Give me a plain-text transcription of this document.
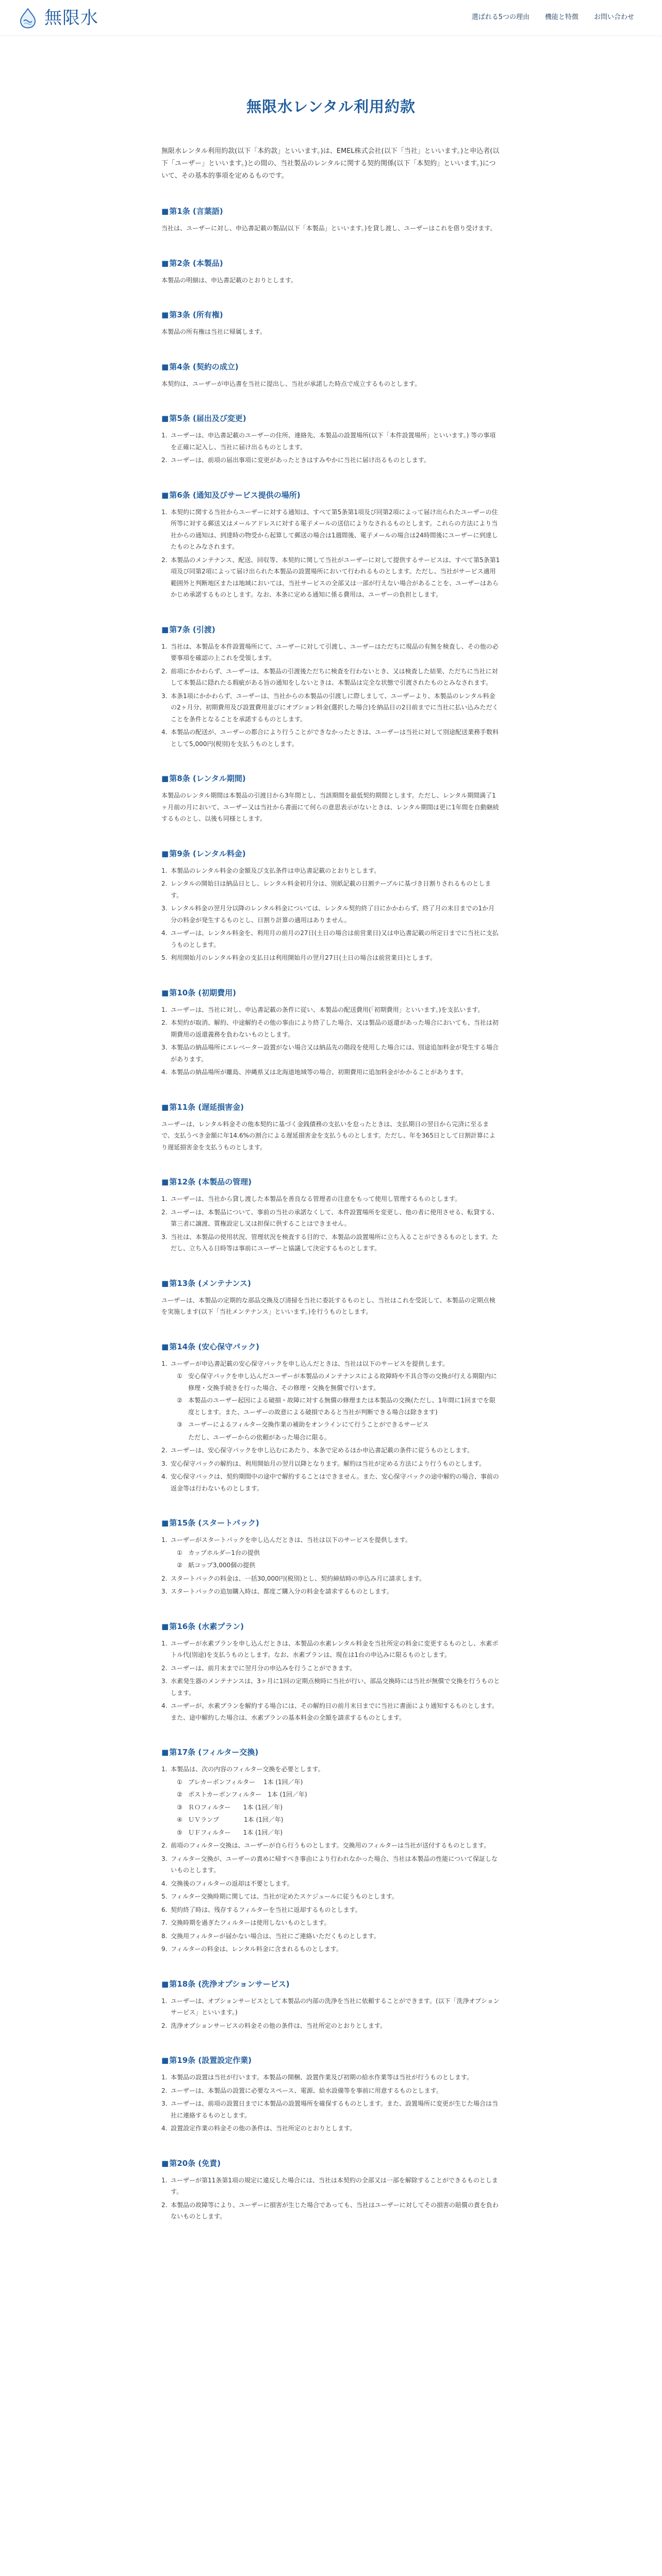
無限水	選ばれる5つの理由 機能と特徴 お問い合わせ
無限水レンタル利用約款

無限水レンタル利用約款(以下「本約款」といいます。)は、EMEL株式会社(以下「当社」といいます。)と申込者(以下「ユーザー」といいます。)との間の、当社製品のレンタルに関する契約関係(以下「本契約」といいます。)について、その基本的事項を定めるものです。

■ 第1条 (言葉語)

当社は、ユーザーに対し、申込書記載の製品(以下「本製品」といいます。)を貸し渡し、ユーザーはこれを借り受けます。

■ 第2条 (本製品)

本製品の明細は、申込書記載のとおりとします。

■ 第3条 (所有権)

本製品の所有権は当社に帰属します。

■ 第4条 (契約の成立)

本契約は、ユーザーが申込書を当社に提出し、当社が承諾した時点で成立するものとします。

■ 第5条 (届出及び変更)
1. ユーザーは、申込書記載のユーザーの住所、連絡先、本製品の設置場所(以下「本件設置場所」といいます。) 等の事項を正確に記入し、当社に届け出るものとします。
2. ユーザーは、前項の届出事項に変更があったときはすみやかに当社に届け出るものとします。
■ 第6条 (通知及びサービス提供の場所)
1. 本契約に関する当社からユーザーに対する通知は、すべて第5条第1項及び同第2項によって届け出られたユーザーの住所等に対する郵送又はメールアドレスに対する電子メールの送信によりなされるものとします。これらの方法により当社からの通知は、到達時の物受から起算して郵送の場合は1週間後、電子メールの場合は24時間後にユーザーに到達したものとみなされます。
2. 本製品のメンテナンス、配送、回収等、本契約に関して当社がユーザーに対して提供するサービスは、すべて第5条第1項及び同第2項によって届け出られた本製品の設置場所において行われるものとします。ただし、当社がサービス適用範囲外と判断地区または地域においては、当社サービスの全部又は一部が行えない場合があることを、ユーザーはあらかじめ承諾するものとします。なお、本条に定める通知に係る費用は、ユーザーの負担とします。
■ 第7条 (引渡)
1. 当社は、本製品を本件設置場所にて、ユーザーに対して引渡し、ユーザーはただちに現品の有無を検査し、その他の必要事項を確認の上これを受領します。
2. 前項にかかわらず、ユーザーは、本製品の引渡後ただちに検査を行わないとき、又は検査した結果、ただちに当社に対して本製品に隠れたる瑕疵がある旨の通知をしないときは、本製品は完全な状態で引渡されたものとみなされます。
3. 本条1項にかかわらず、ユーザーは、当社からの本製品の引渡しに際しまして、ユーザーより、本製品のレンタル料金の2ヶ月分、初期費用及び設置費用並びにオプション料金(選択した場合)を納品日の2日前までに当社に払い込みただくことを条件となることを承諾するものとします。
4. 本製品の配送が、ユーザーの都合により行うことができなかったときは、ユーザーは当社に対して別途配送業務手数料として5,000円(税別)を支払うものとします。
■ 第8条 (レンタル期間)

本製品のレンタル期間は本製品の引渡日から3年間とし、当該期間を最低契約期間とします。ただし、レンタル期間満了1ヶ月前の月において、ユーザー又は当社から書面にて何らの意思表示がないときは、レンタル期間は更に1年間を自動継続するものとし、以後も同様とします。

■ 第9条 (レンタル料金)
1. 本製品のレンタル料金の金額及び支払条件は申込書記載のとおりとします。
2. レンタルの開始日は納品日とし、レンタル料金初月分は、別紙記載の日割テーブルに基づき日割りされるものとします。
3. レンタル料金の翌月分以降のレンタル料金については、レンタル契約終了日にかかわらず、終了月の末日までの1か月分の料金が発生するものとし、日割り計算の適用はありません。
4. ユーザーは、レンタル料金を、利用月の前月の27日(土日の場合は前営業日)又は申込書記載の所定日までに当社に支払うものとします。
5. 利用開始月のレンタル料金の支払日は利用開始月の翌月27日(土日の場合は前営業日)とします。
■ 第10条 (初期費用)
1. ユーザーは、当社に対し、申込書記載の条件に従い、本製品の配送費用(「初期費用」といいます。)を支払います。
2. 本契約が取消、解約、中途解約その他の事由により終了した場合、又は製品の返還があった場合においても、当社は初期費用の返還義務を負わないものとします。
3. 本製品の納品場所にエレベーター設置がない場合又は納品先の階段を使用した場合には、別途追加料金が発生する場合があります。
4. 本製品の納品場所が離島、沖縄県又は北海道地域等の場合、初期費用に追加料金がかかることがあります。
■ 第11条 (遅延損害金)

ユーザーは、レンタル料金その他本契約に基づく金銭債務の支払いを怠ったときは、支払期日の翌日から完済に至るまで、支払うべき金額に年14.6%の割合による遅延損害金を支払うものとします。ただし、年を365日として日割計算により遅延損害金を支払うものとします。

■ 第12条 (本製品の管理)
1. ユーザーは、当社から貸し渡した本製品を善良なる管理者の注意をもって使用し管理するものとします。
2. ユーザーは、本製品について、事前の当社の承諾なくして、本件設置場所を変更し、他の者に使用させる、転貸する、第三者に譲渡、質権設定し又は担保に供することはできません。
3. 当社は、本製品の使用状況、管理状況を検査する目的で、本製品の設置場所に立ち入ることができるものとします。ただし、立ち入る日時等は事前にユーザーと協議して決定するものとします。
■ 第13条 (メンテナンス)

ユーザーは、本製品の定期的な部品交換及び清掃を当社に委託するものとし、当社はこれを受託して、本製品の定期点検を実施します(以下「当社メンテナンス」といいます。)を行うものとします。

■ 第14条 (安心保守パック)
1. ユーザーが申込書記載の安心保守パックを申し込んだときは、当社は以下のサービスを提供します。
① 安心保守パックを申し込んだユーザーが本製品のメンテナンスによる故障時や不具合等の交換が行える期限内に修理・交換手続きを行った場合、その修理・交換を無償で行います。
② 本製品のユーザー起因による破損・故障に対する無償の修理または本製品の交換(ただし、1年間に1回までを限度とします。また、ユーザーの故意による破損であると当社が判断できる場合は除きます)
③ ユーザーによるフィルター交換作業の補助をオンラインにて行うことができるサービス
ただし、ユーザーからの依頼があった場合に限る。
2. ユーザーは、安心保守パックを申し込むにあたり、本条で定めるほか申込書記載の条件に従うものとします。
3. 安心保守パックの解約は、利用開始月の翌月以降となります。解約は当社が定める方法により行うものとします。
4. 安心保守パックは、契約期間中の途中で解約することはできません。また、安心保守パックの途中解約の場合、事前の返金等は行わないものとします。
■ 第15条 (スタートパック)
1. ユーザーがスタートパックを申し込んだときは、当社は以下のサービスを提供します。
① カップホルダー1台の提供
② 紙コップ3,000個の提供
2. スタートパックの料金は、一括30,000円(税別)とし、契約締結時の申込み月に請求します。
3. スタートパックの追加購入時は、都度ご購入分の料金を請求するものとします。
■ 第16条 (水素プラン)
1. ユーザーが水素プランを申し込んだときは、本製品の水素レンタル料金を当社所定の料金に変更するものとし、水素ボトル代(別途)を支払うものとします。なお、水素プランは、現在は1台の申込みに限るものとします。
2. ユーザーは、前月末までに翌月分の申込みを行うことができます。
3. 水素発生器のメンテナンスは、3ヶ月に1回の定期点検時に当社が行い、部品交換時には当社が無償で交換を行うものとします。
4. ユーザーが、水素プランを解約する場合には、その解約日の前月末日までに当社に書面により通知するものとします。また、途中解約した場合は、水素プランの基本料金の全額を請求するものとします。
■ 第17条 (フィルター交換)
1. 本製品は、次の内容のフィルター交換を必要とします。
① プレカーボンフィルター 　1本 (1回／年)
② ポストカーボンフィルター　1本 (1回／年)
③ ＲＯフィルター　　1本 (1回／年)
④ ＵＶランプ　　　　1本 (1回／年)
⑤ ＵＦフィルター　　1本 (1回／年)
2. 前項のフィルター交換は、ユーザーが自ら行うものとします。交換用のフィルターは当社が送付するものとします。
3. フィルター交換が、ユーザーの責めに帰すべき事由により行われなかった場合、当社は本製品の性能について保証しないものとします。
4. 交換後のフィルターの返却は不要とします。
5. フィルター交換時期に関しては、当社が定めたスケジュールに従うものとします。
6. 契約終了時は、残存するフィルターを当社に返却するものとします。
7. 交換時期を過ぎたフィルターは使用しないものとします。
8. 交換用フィルターが届かない場合は、当社にご連絡いただくものとします。
9. フィルターの料金は、レンタル料金に含まれるものとします。
■ 第18条 (洗浄オプションサービス)
1. ユーザーは、オプションサービスとして本製品の内部の洗浄を当社に依頼することができます。(以下「洗浄オプションサービス」といいます。)
2. 洗浄オプションサービスの料金その他の条件は、当社所定のとおりとします。
■ 第19条 (設置設定作業)
1. 本製品の設置は当社が行います。本製品の開梱、設置作業及び初期の給水作業等は当社が行うものとします。
2. ユーザーは、本製品の設置に必要なスペース、電源、給水設備等を事前に用意するものとします。
3. ユーザーは、前項の設置日までに本製品の設置場所を確保するものとします。また、設置場所に変更が生じた場合は当社に連絡するものとします。
4. 設置設定作業の料金その他の条件は、当社所定のとおりとします。
■ 第20条 (免責)
1. ユーザーが第11条第1項の規定に違反した場合には、当社は本契約の全部又は一部を解除することができるものとします。
2. 本製品の故障等により、ユーザーに損害が生じた場合であっても、当社はユーザーに対してその損害の賠償の責を負わないものとします。
